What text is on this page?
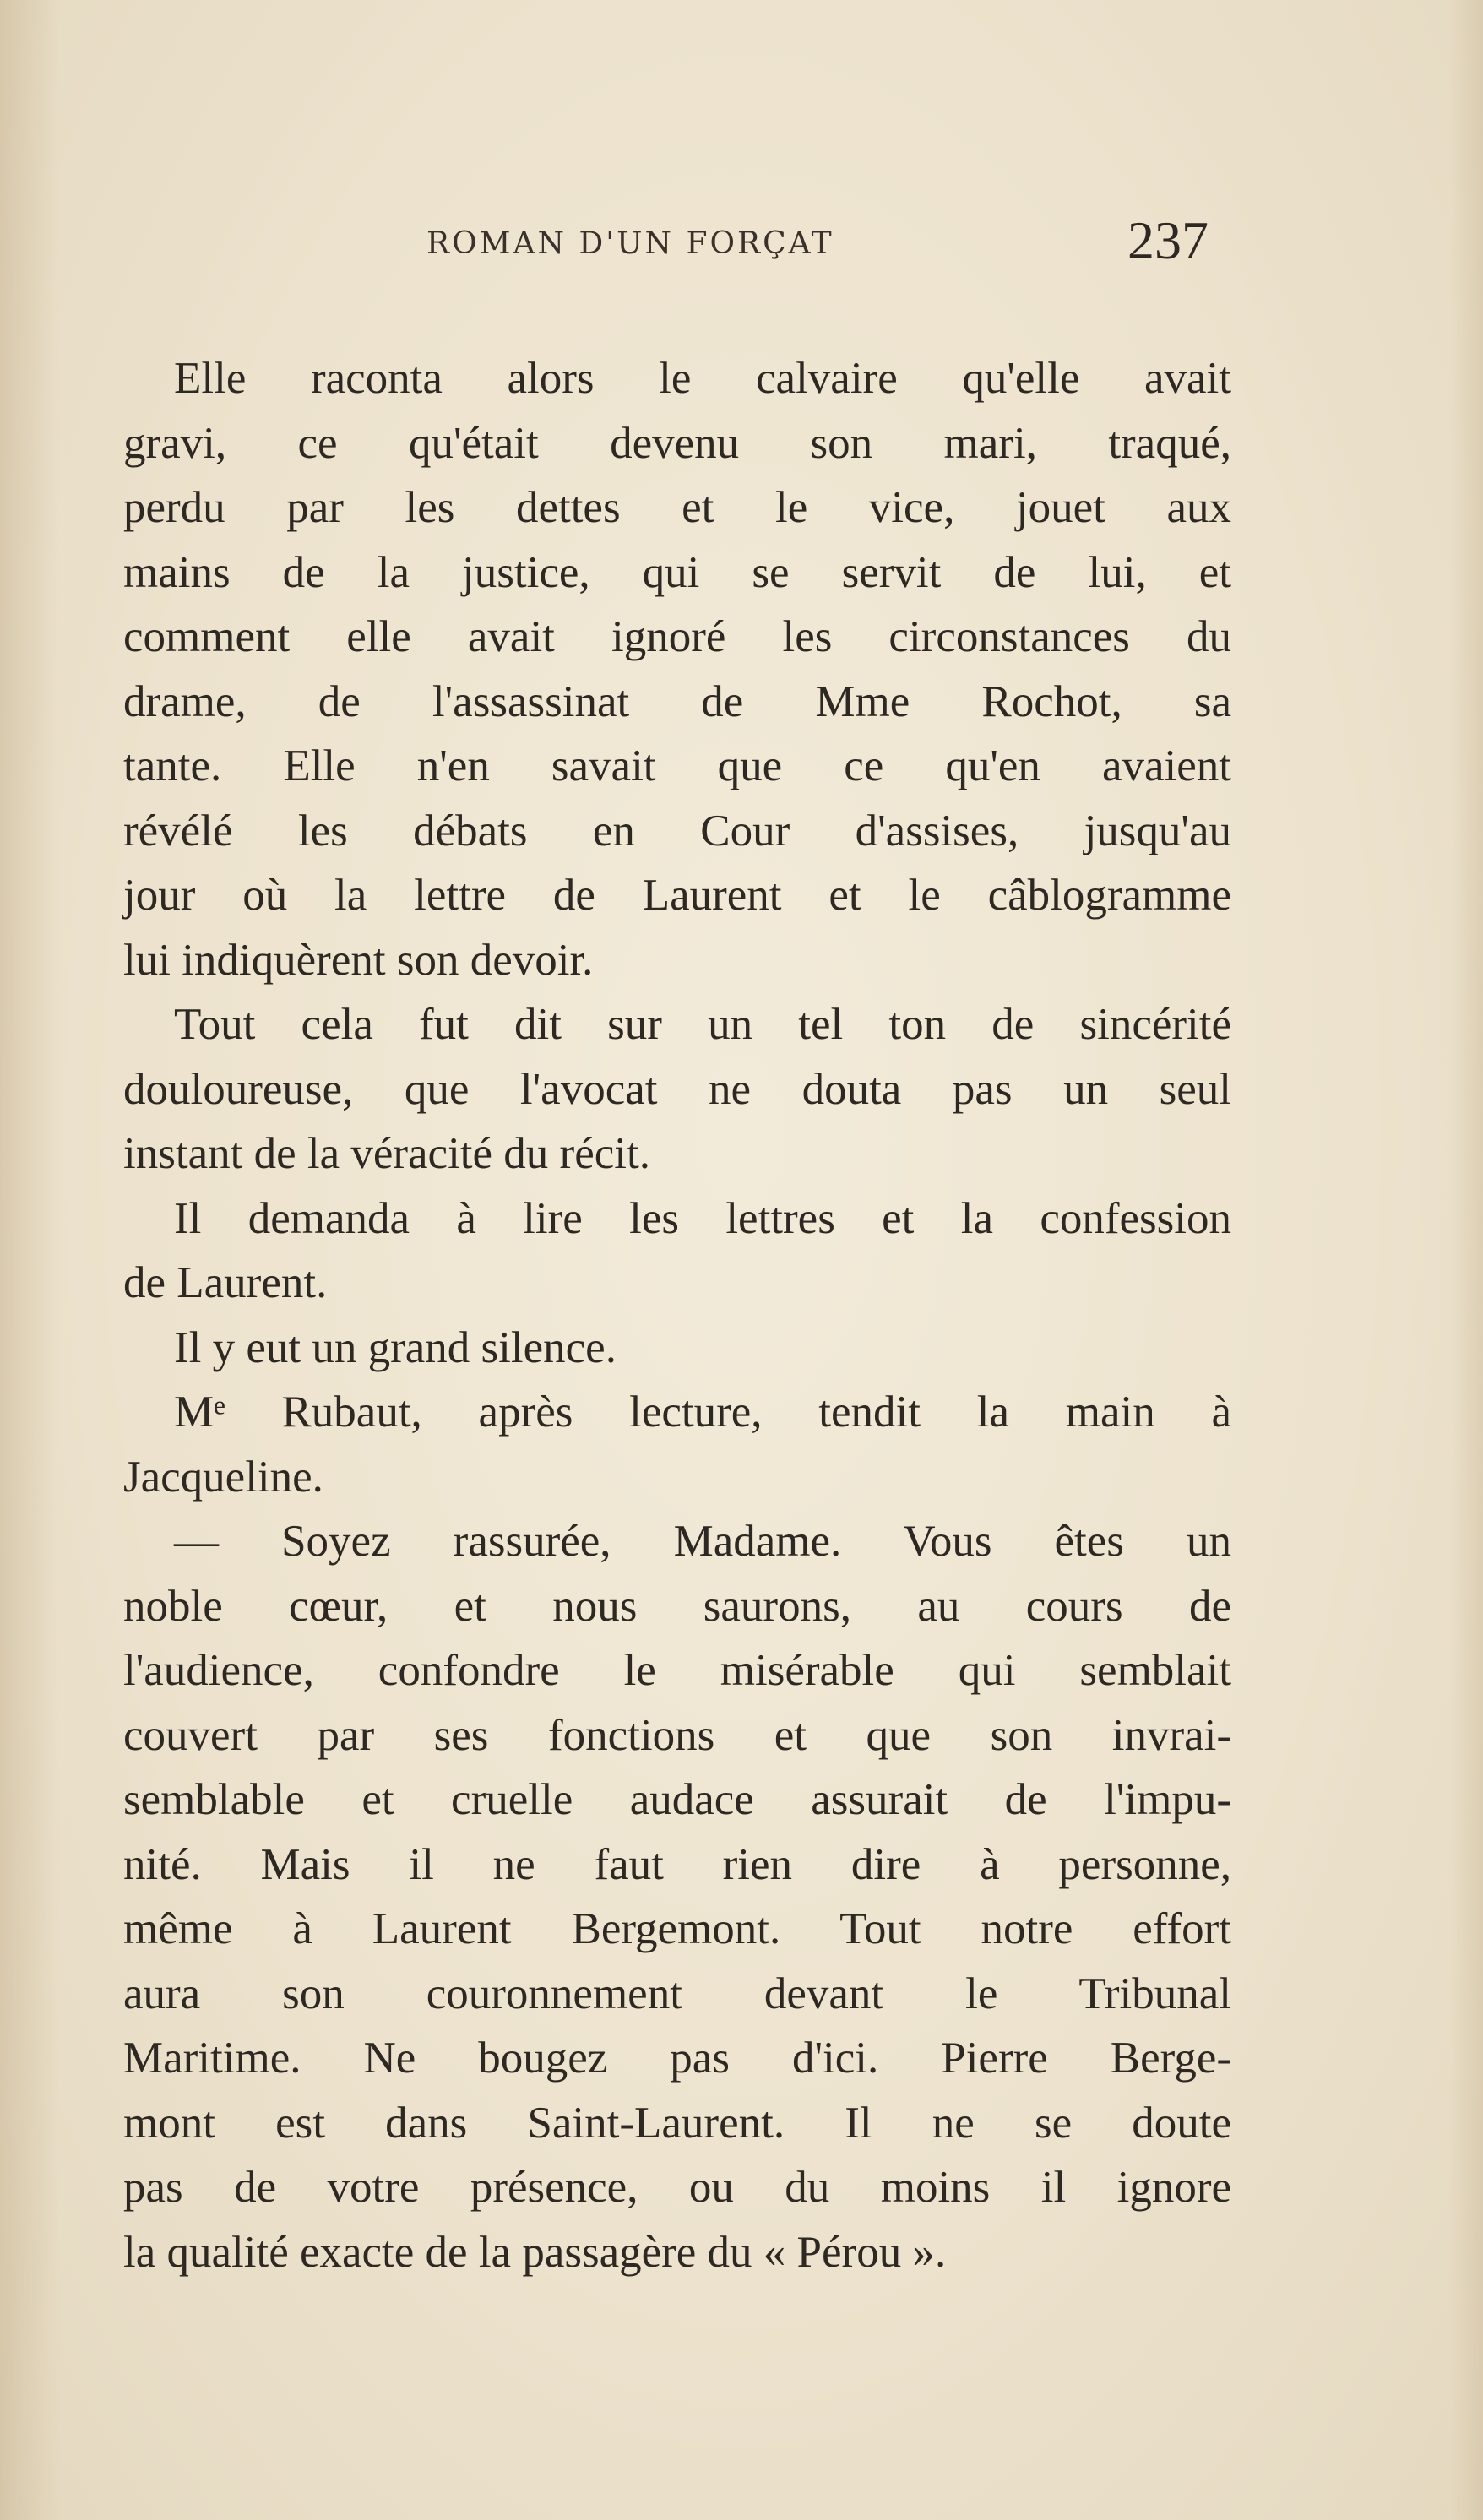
ROMAN D'UN FORÇAT	237
Elle raconta alors le calvaire qu'elle avait
gravi, ce qu'était devenu son mari, traqué,
perdu par les dettes et le vice, jouet aux
mains de la justice, qui se servit de lui, et
comment elle avait ignoré les circonstances du
drame, de l'assassinat de Mme Rochot, sa
tante. Elle n'en savait que ce qu'en avaient
révélé les débats en Cour d'assises, jusqu'au
jour où la lettre de Laurent et le câblogramme
lui indiquèrent son devoir.
Tout cela fut dit sur un tel ton de sincérité
douloureuse, que l'avocat ne douta pas un seul
instant de la véracité du récit.
Il demanda à lire les lettres et la confession
de Laurent.
Il y eut un grand silence.
Mᵉ Rubaut, après lecture, tendit la main à
Jacqueline.
— Soyez rassurée, Madame. Vous êtes un
noble cœur, et nous saurons, au cours de
l'audience, confondre le misérable qui semblait
couvert par ses fonctions et que son invrai-
semblable et cruelle audace assurait de l'impu-
nité. Mais il ne faut rien dire à personne,
même à Laurent Bergemont. Tout notre effort
aura son couronnement devant le Tribunal
Maritime. Ne bougez pas d'ici. Pierre Berge-
mont est dans Saint-Laurent. Il ne se doute
pas de votre présence, ou du moins il ignore
la qualité exacte de la passagère du « Pérou ».
